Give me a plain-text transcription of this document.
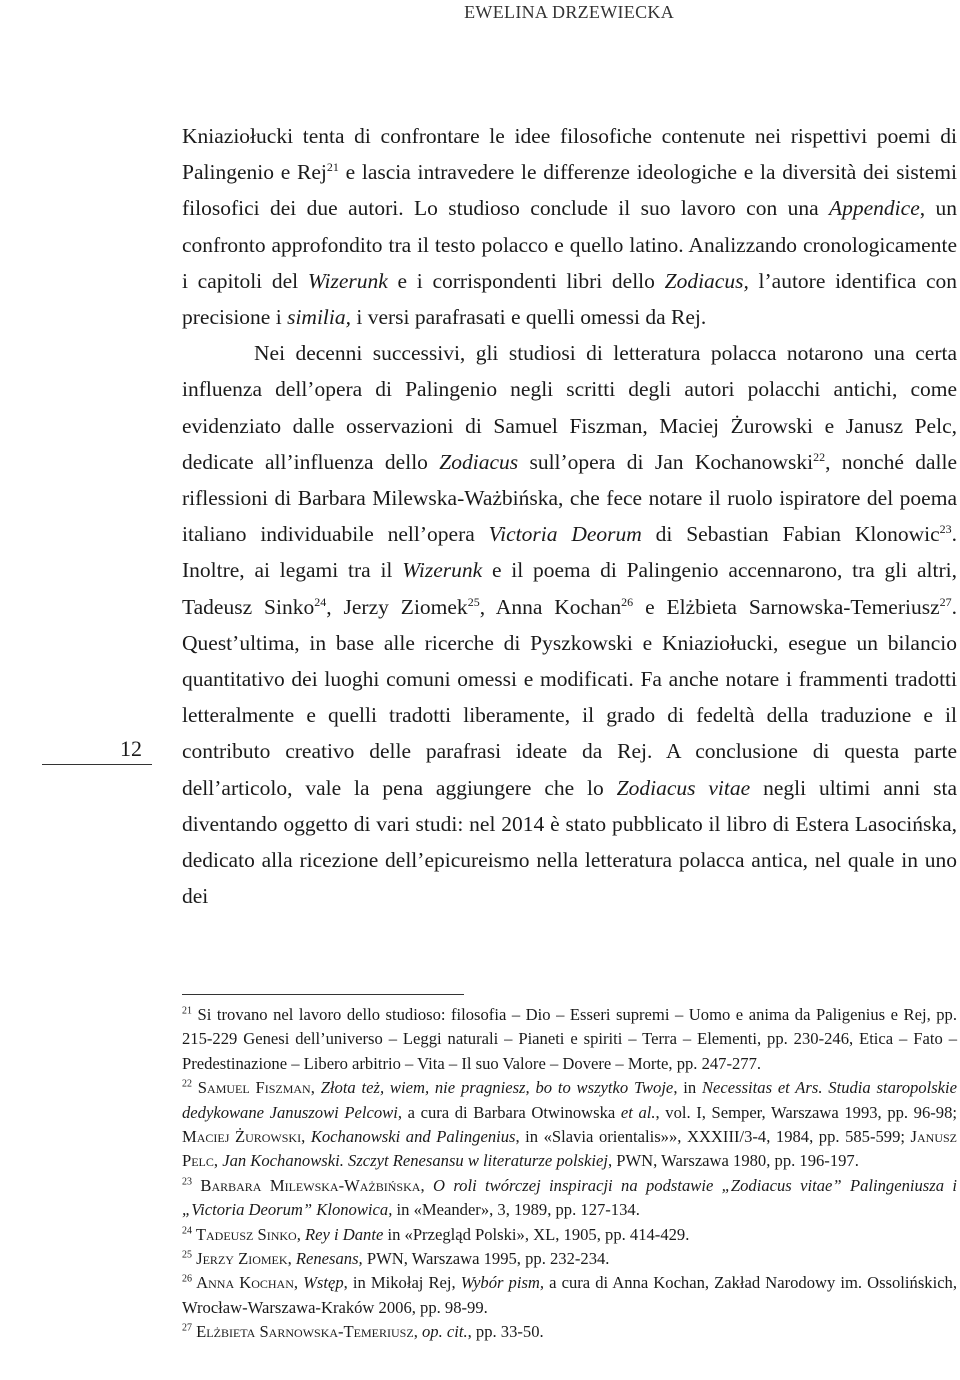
EWELINA DRZEWIECKA
12

Kniaziołucki tenta di confrontare le idee filosofiche contenute nei rispettivi poemi di Palingenio e Rej$^{21}$ e lascia intravedere le differenze ideologiche e la diversità dei sistemi filosofici dei due autori. Lo studioso conclude il suo lavoro con una Appendice, un confronto approfondito tra il testo polacco e quello latino. Analizzando cronologicamente i capitoli del Wizerunk e i corrispondenti libri dello Zodiacus, l’autore identifica con precisione i similia, i versi parafrasati e quelli omessi da Rej.

Nei decenni successivi, gli studiosi di letteratura polacca notarono una certa influenza dell’opera di Palingenio negli scritti degli autori polacchi antichi, come evidenziato dalle osservazioni di Samuel Fiszman, Maciej Żurowski e Janusz Pelc, dedicate all’influenza dello Zodiacus sull’opera di Jan Kochanowski$^{22}$, nonché dalle riflessioni di Barbara Milewska-Ważbińska, che fece notare il ruolo ispiratore del poema italiano individuabile nell’opera Victoria Deorum di Sebastian Fabian Klonowic$^{23}$. Inoltre, ai legami tra il Wizerunk e il poema di Palingenio accennarono, tra gli altri, Tadeusz Sinko$^{24}$, Jerzy Ziomek$^{25}$, Anna Kochan$^{26}$ e Elżbieta Sarnowska-Temeriusz$^{27}$. Quest’ultima, in base alle ricerche di Pyszkowski e Kniaziołucki, esegue un bilancio quantitativo dei luoghi comuni omessi e modificati. Fa anche notare i frammenti tradotti letteralmente e quelli tradotti liberamente, il grado di fedeltà della traduzione e il contributo creativo delle parafrasi ideate da Rej. A conclusione di questa parte dell’articolo, vale la pena aggiungere che lo Zodiacus vitae negli ultimi anni sta diventando oggetto di vari studi: nel 2014 è stato pubblicato il libro di Estera Lasocińska, dedicato alla ricezione dell’epicureismo nella letteratura polacca antica, nel quale in uno dei

$^{21}$ Si trovano nel lavoro dello studioso: filosofia – Dio – Esseri supremi – Uomo e anima da Paligenius e Rej, pp. 215-229 Genesi dell’universo – Leggi naturali – Pianeti e spiriti – Terra – Elementi, pp. 230-246, Etica – Fato – Predestinazione – Libero arbitrio – Vita – Il suo Valore – Dovere – Morte, pp. 247-277.

$^{22}$ Samuel Fiszman, Złota też, wiem, nie pragniesz, bo to wszytko Twoje, in Necessitas et Ars. Studia staropolskie dedykowane Januszowi Pelcowi, a cura di Barbara Otwinowska et al., vol. I, Semper, Warszawa 1993, pp. 96-98; Maciej Żurowski, Kochanowski and Palingenius, in «Slavia orientalis»», XXXIII/3-4, 1984, pp. 585-599; Janusz Pelc, Jan Kochanowski. Szczyt Renesansu w literaturze polskiej, PWN, Warszawa 1980, pp. 196-197.

$^{23}$ Barbara Milewska-Ważbińska, O roli twórczej inspiracji na podstawie „Zodiacus vitae” Palingeniusza i „Victoria Deorum” Klonowica, in «Meander», 3, 1989, pp. 127-134.

$^{24}$ Tadeusz Sinko, Rey i Dante in «Przegląd Polski», XL, 1905, pp. 414-429.

$^{25}$ Jerzy Ziomek, Renesans, PWN, Warszawa 1995, pp. 232-234.

$^{26}$ Anna Kochan, Wstęp, in Mikołaj Rej, Wybór pism, a cura di Anna Kochan, Zakład Narodowy im. Ossolińskich, Wrocław-Warszawa-Kraków 2006, pp. 98-99.

$^{27}$ Elżbieta Sarnowska-Temeriusz, op. cit., pp. 33-50.
